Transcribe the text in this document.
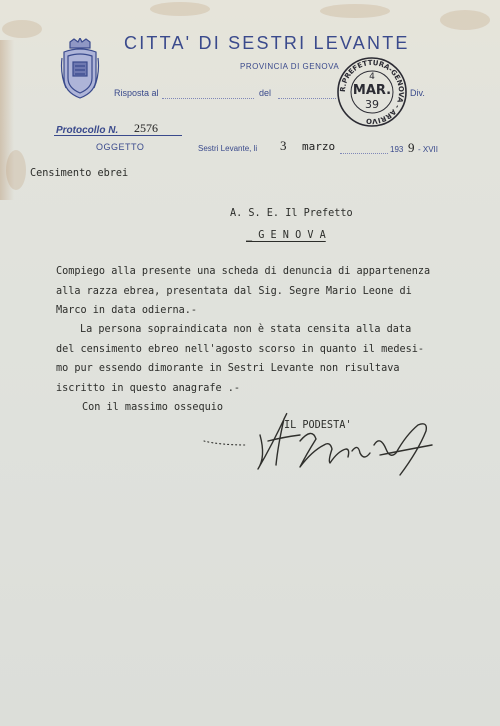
CITTA' DI SESTRI LEVANTE
PROVINCIA DI GENOVA
Risposta al	del	Div.
Protocollo N. 2576
OGGETTO	Sestri Levante, li 3 marzo	193 9 - XVII
R.PREFETTURA-GENOVA - ARRIVO
4
MAR.
39
Censimento ebrei
A. S. E. Il Prefetto
_ G E N O V A
Compiego alla presente una scheda di denuncia di appartenenza
alla razza ebrea, presentata dal Sig. Segre Mario Leone di
Marco in data odierna.-
La persona sopraindicata non è stata censita alla data
del censimento ebreo nell'agosto scorso in quanto il medesi-
mo pur essendo dimorante in Sestri Levante non risultava
iscritto in questo anagrafe .-
Con il massimo ossequio
IL PODESTA'
